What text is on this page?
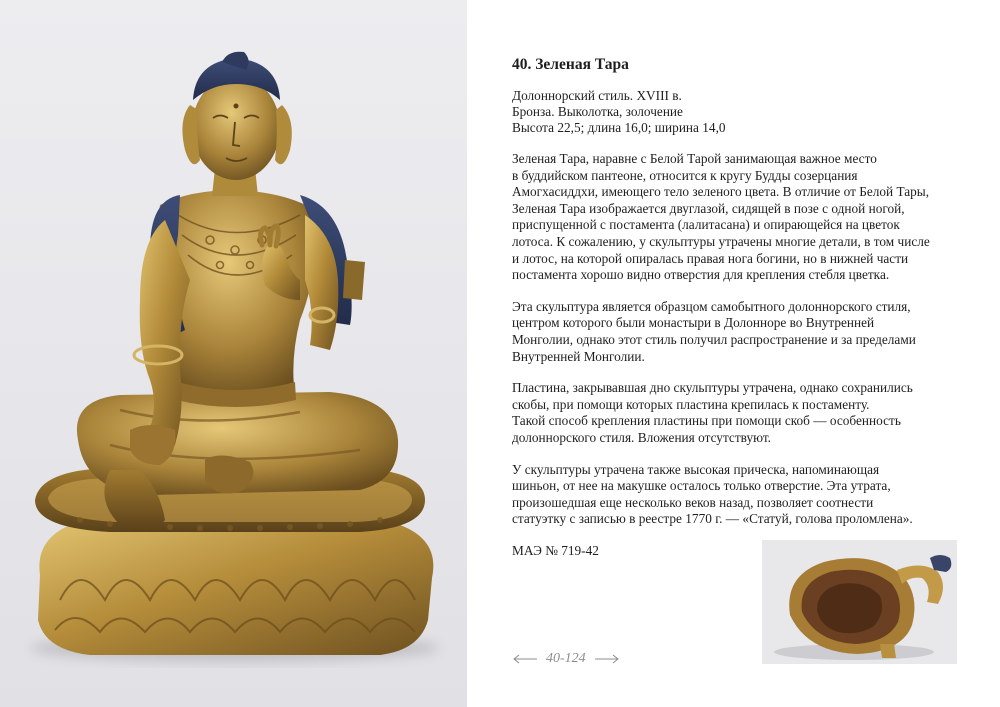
40. Зеленая Тара
Долоннорский стиль. XVIII в.
Бронза. Выколотка, золочение
Высота 22,5; длина 16,0; ширина 14,0

Зеленая Тара, наравне с Белой Тарой занимающая важное место
в буддийском пантеоне, относится к кругу Будды созерцания
Амогхасиддхи, имеющего тело зеленого цвета. В отличие от Белой Тары,
Зеленая Тара изображается двуглазой, сидящей в позе с одной ногой,
приспущенной с постамента (лалитасана) и опирающейся на цветок
лотоса. К сожалению, у скульптуры утрачены многие детали, в том числе
и лотос, на которой опиралась правая нога богини, но в нижней части
постамента хорошо видно отверстия для крепления стебля цветка.

Эта скульптура является образцом самобытного долоннорского стиля,
центром которого были монастыри в Долонноре во Внутренней
Монголии, однако этот стиль получил распространение и за пределами
Внутренней Монголии.

Пластина, закрывавшая дно скульптуры утрачена, однако сохранились
скобы, при помощи которых пластина крепилась к постаменту.
Такой способ крепления пластины при помощи скоб — особенность
долоннорского стиля. Вложения отсутствуют.

У скульптуры утрачена также высокая прическа, напоминающая
шиньон, от нее на макушке осталось только отверстие. Эта утрата,
произошедшая еще несколько веков назад, позволяет соотнести
статуэтку с записью в реестре 1770 г. — «Статуй, голова проломлена».

МАЭ № 719-42

40-124
